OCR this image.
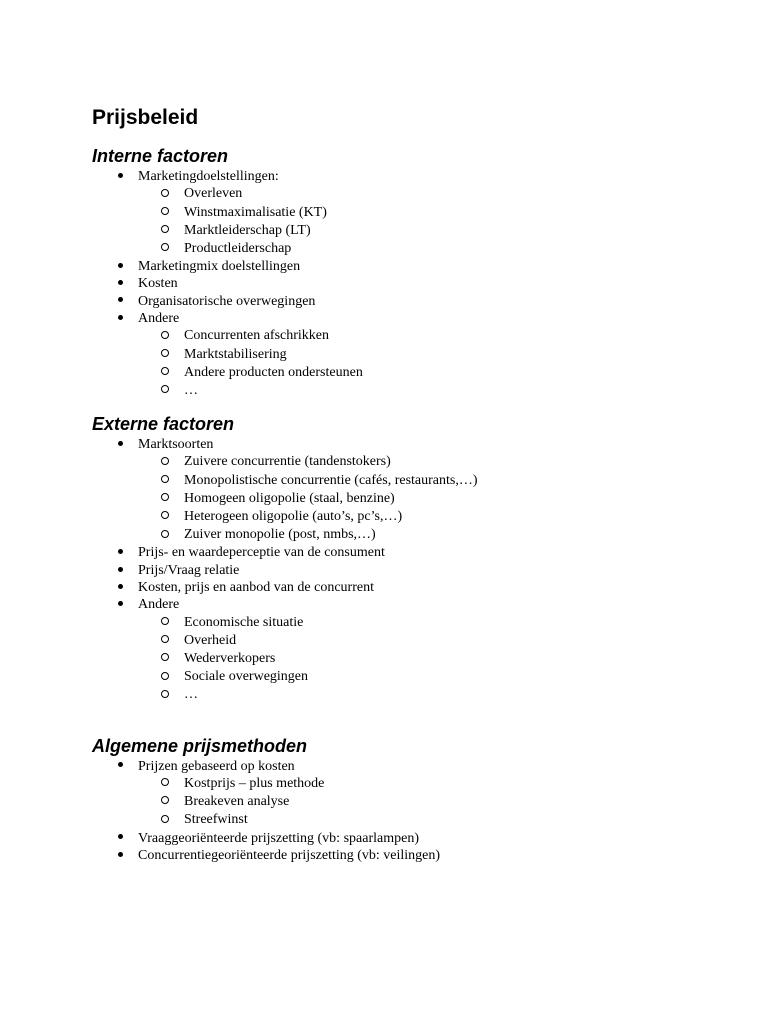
Prijsbeleid
Interne factoren
Marketingdoelstellingen:
Overleven
Winstmaximalisatie (KT)
Marktleiderschap (LT)
Productleiderschap
Marketingmix doelstellingen
Kosten
Organisatorische overwegingen
Andere
Concurrenten afschrikken
Marktstabilisering
Andere producten ondersteunen
…
Externe factoren
Marktsoorten
Zuivere concurrentie (tandenstokers)
Monopolistische concurrentie (cafés, restaurants,…)
Homogeen oligopolie (staal, benzine)
Heterogeen oligopolie (auto’s, pc’s,…)
Zuiver monopolie (post, nmbs,…)
Prijs- en waardeperceptie van de consument
Prijs/Vraag relatie
Kosten, prijs en aanbod van de concurrent
Andere
Economische situatie
Overheid
Wederverkopers
Sociale overwegingen
…
Algemene prijsmethoden
Prijzen gebaseerd op kosten
Kostprijs – plus methode
Breakeven analyse
Streefwinst
Vraaggeoriënteerde prijszetting (vb: spaarlampen)
Concurrentiegeoriënteerde prijszetting (vb: veilingen)
